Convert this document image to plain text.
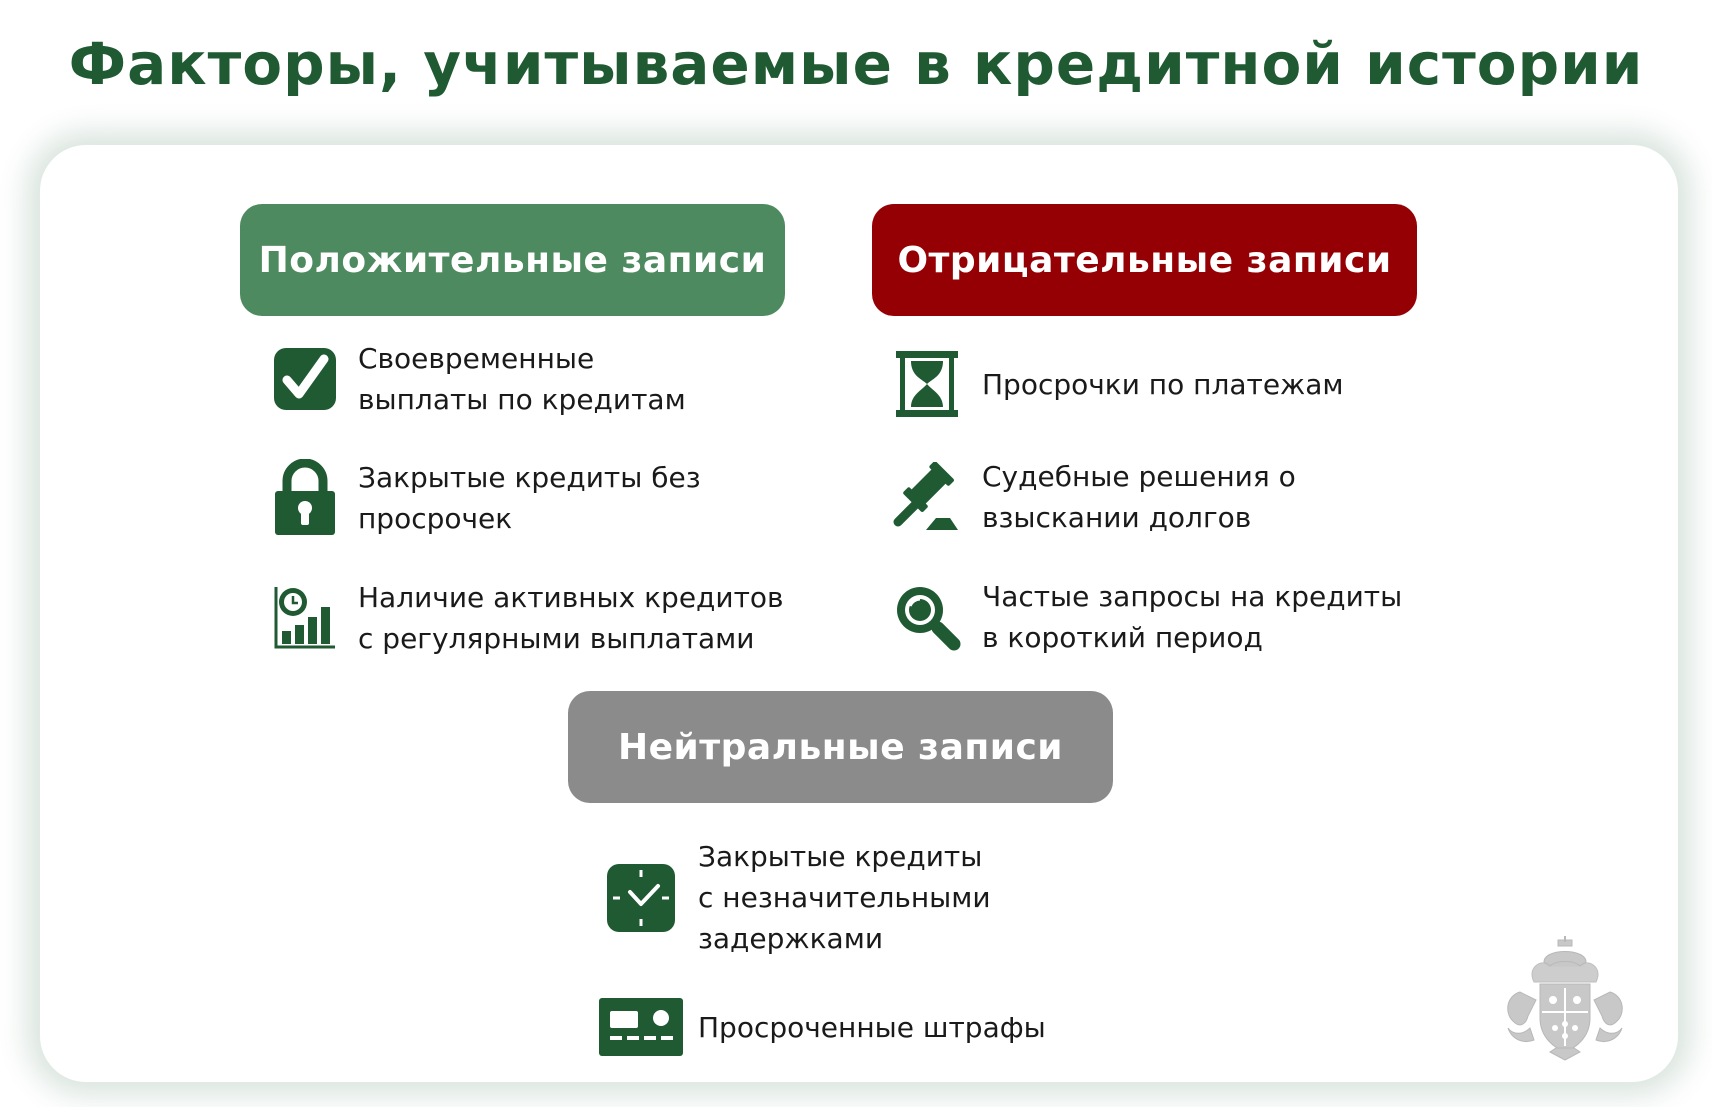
Факторы, учитываемые в кредитной истории
Положительные записи	Отрицательные записи
Нейтральные записи
Своевременные
выплаты по кредитам
Закрытые кредиты без
просрочек
Наличие активных кредитов
с регулярными выплатами
Просрочки по платежам
Судебные решения о
взыскании долгов
Частые запросы на кредиты
в короткий период
Закрытые кредиты
с незначительными
задержками
Просроченные штрафы
